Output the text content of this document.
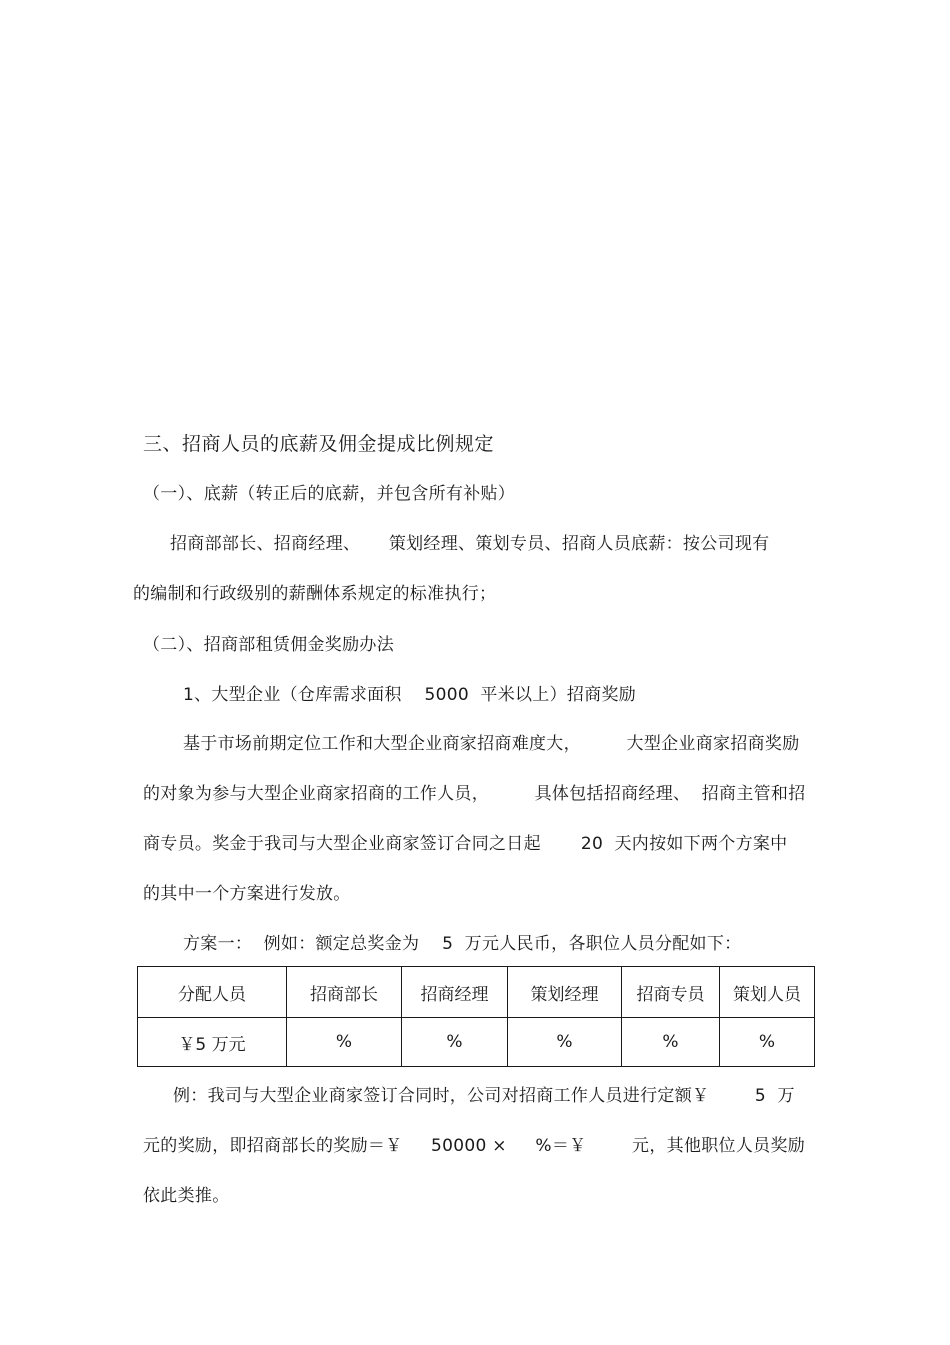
三、招商人员的底薪及佣金提成比例规定
（一）、底薪（转正后的底薪，并包含所有补贴）
招商部部长、招商经理、     策划经理、策划专员、招商人员底薪：按公司现有
的编制和行政级别的薪酬体系规定的标准执行；
（二）、招商部租赁佣金奖励办法
1、大型企业（仓库需求面积    5000  平米以上）招商奖励
基于市场前期定位工作和大型企业商家招商难度大，        大型企业商家招商奖励
的对象为参与大型企业商家招商的工作人员，        具体包括招商经理、  招商主管和招
商专员。奖金于我司与大型企业商家签订合同之日起       20  天内按如下两个方案中
的其中一个方案进行发放。
方案一：  例如：额定总奖金为    5  万元人民币，各职位人员分配如下：
分配人员	招商部长	招商经理	策划经理	招商专员	策划人员
￥5 万元	%	%	%	%	%
例：我司与大型企业商家签订合同时，公司对招商工作人员进行定额￥        5  万
元的奖励，即招商部长的奖励＝￥     50000 ×     %＝￥        元，其他职位人员奖励
依此类推。
